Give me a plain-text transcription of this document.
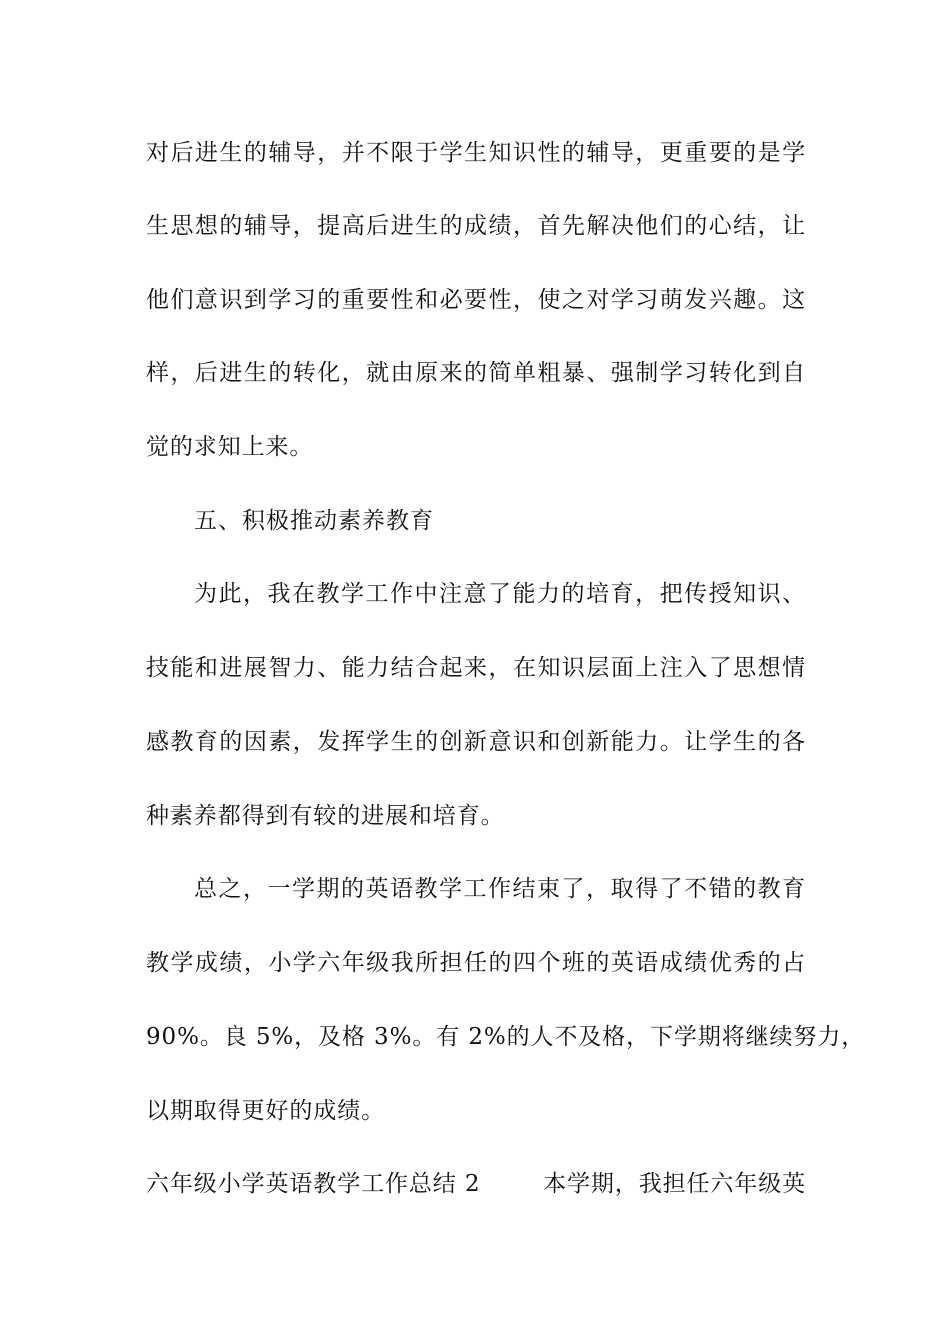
对后进生的辅导，并不限于学生知识性的辅导，更重要的是学
生思想的辅导，提高后进生的成绩，首先解决他们的心结，让
他们意识到学习的重要性和必要性，使之对学习萌发兴趣。这
样，后进生的转化，就由原来的简单粗暴、强制学习转化到自
觉的求知上来。
五、积极推动素养教育
为此，我在教学工作中注意了能力的培育，把传授知识、
技能和进展智力、能力结合起来，在知识层面上注入了思想情
感教育的因素，发挥学生的创新意识和创新能力。让学生的各
种素养都得到有较的进展和培育。
总之，一学期的英语教学工作结束了，取得了不错的教育
教学成绩，小学六年级我所担任的四个班的英语成绩优秀的占
90%。良 5%，及格 3%。有 2%的人不及格，下学期将继续努力，
以期取得更好的成绩。
六年级小学英语教学工作总结 2	本学期，我担任六年级英
